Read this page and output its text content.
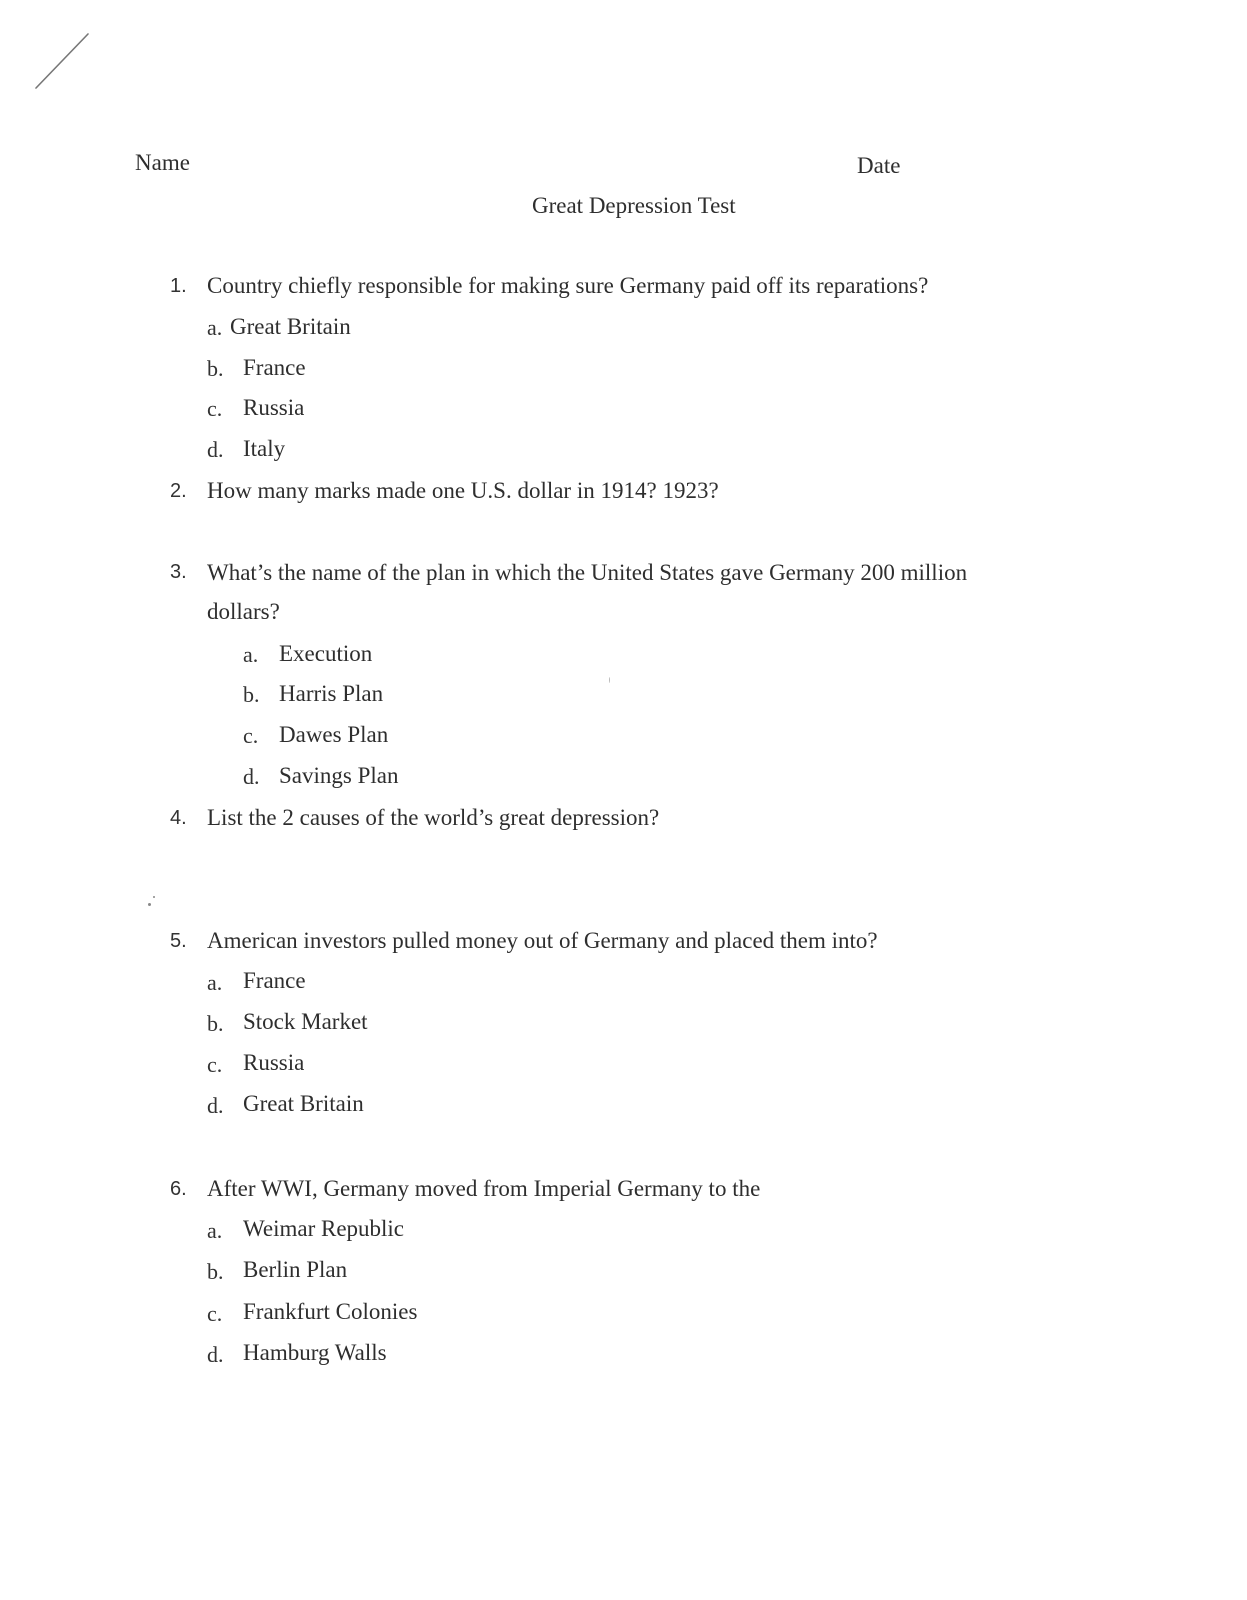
Name	Date
Great Depression Test
1. Country chiefly responsible for making sure Germany paid off its reparations?
a. Great Britain
b. France
c. Russia
d. Italy
2. How many marks made one U.S. dollar in 1914? 1923?
3. What’s the name of the plan in which the United States gave Germany 200 million
dollars?
a. Execution
b. Harris Plan
c. Dawes Plan
d. Savings Plan
4. List the 2 causes of the world’s great depression?
5. American investors pulled money out of Germany and placed them into?
a. France
b. Stock Market
c. Russia
d. Great Britain
6. After WWI, Germany moved from Imperial Germany to the
a. Weimar Republic
b. Berlin Plan
c. Frankfurt Colonies
d. Hamburg Walls
